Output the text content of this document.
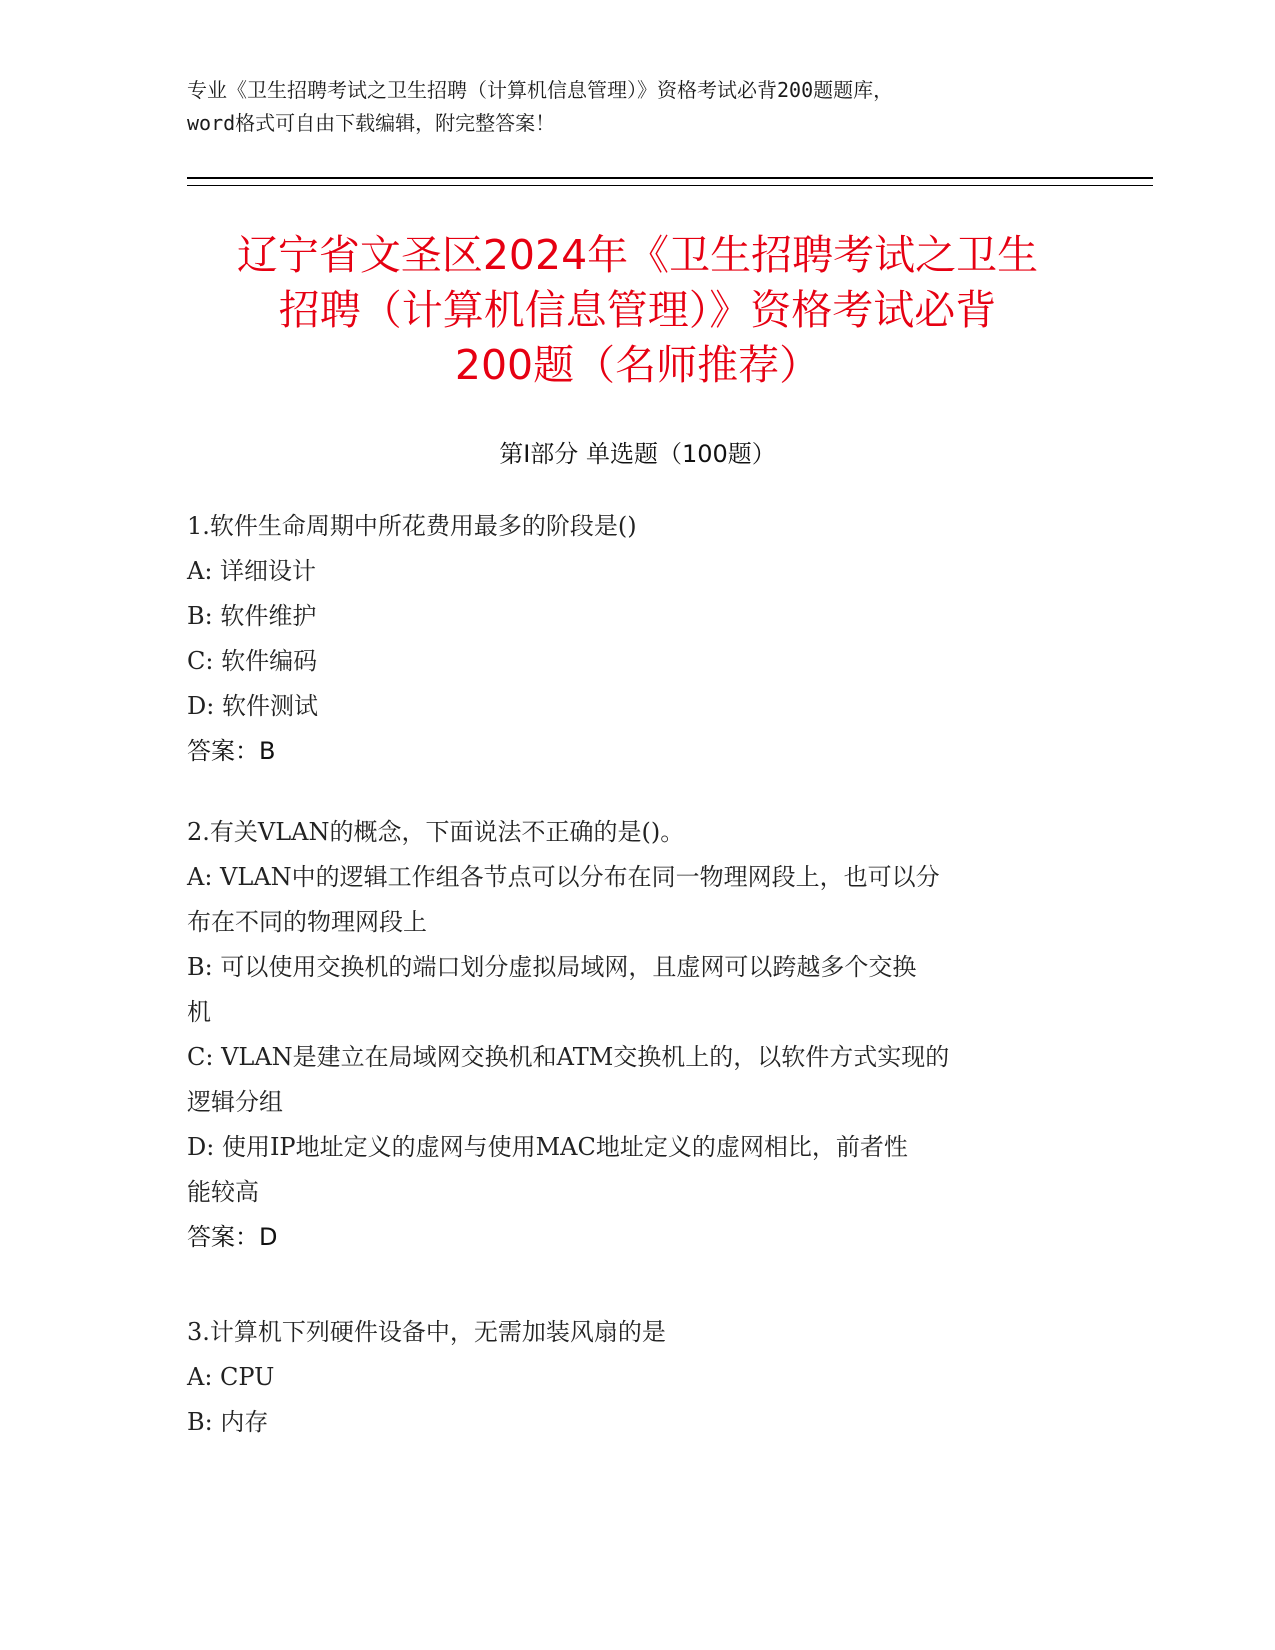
专业《卫生招聘考试之卫生招聘（计算机信息管理）》资格考试必背200题题库，
word格式可自由下载编辑，附完整答案！
辽宁省文圣区2024年《卫生招聘考试之卫生
招聘（计算机信息管理）》资格考试必背
200题（名师推荐）
第I部分 单选题（100题）
1.软件生命周期中所花费用最多的阶段是()
A: 详细设计
B: 软件维护
C: 软件编码
D: 软件测试
答案：B
2.有关VLAN的概念，下面说法不正确的是()。
A: VLAN中的逻辑工作组各节点可以分布在同一物理网段上，也可以分
布在不同的物理网段上
B: 可以使用交换机的端口划分虚拟局域网，且虚网可以跨越多个交换
机
C: VLAN是建立在局域网交换机和ATM交换机上的，以软件方式实现的
逻辑分组
D: 使用IP地址定义的虚网与使用MAC地址定义的虚网相比，前者性
能较高
答案：D
3.计算机下列硬件设备中，无需加装风扇的是
A: CPU
B: 内存
